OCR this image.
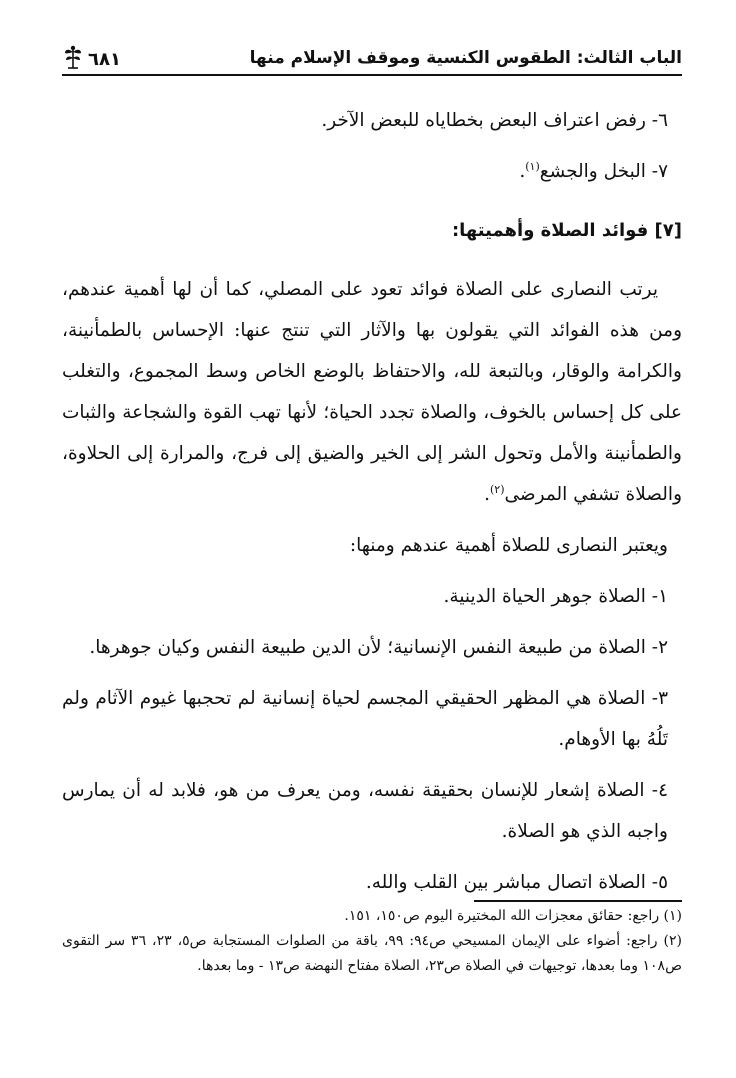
الباب الثالث: الطقوس الكنسية وموقف الإسلام منها
٦٨١

٦- رفض اعتراف البعض بخطاياه للبعض الآخر.

٧- البخل والجشع$^{(١)}$.

[٧] فوائد الصلاة وأهميتها:

يرتب النصارى على الصلاة فوائد تعود على المصلي، كما أن لها أهمية عندهم، ومن هذه الفوائد التي يقولون بها والآثار التي تنتج عنها: الإحساس بالطمأنينة، والكرامة والوقار، وبالتبعة لله، والاحتفاظ بالوضع الخاص وسط المجموع، والتغلب على كل إحساس بالخوف، والصلاة تجدد الحياة؛ لأنها تهب القوة والشجاعة والثبات والطمأنينة والأمل وتحول الشر إلى الخير والضيق إلى فرج، والمرارة إلى الحلاوة، والصلاة تشفي المرضى$^{(٢)}$.

ويعتبر النصارى للصلاة أهمية عندهم ومنها:

١- الصلاة جوهر الحياة الدينية.

٢- الصلاة من طبيعة النفس الإنسانية؛ لأن الدين طبيعة النفس وكيان جوهرها.

٣- الصلاة هي المظهر الحقيقي المجسم لحياة إنسانية لم تحجبها غيوم الآثام ولم تَلُهُ بها الأوهام.

٤- الصلاة إشعار للإنسان بحقيقة نفسه، ومن يعرف من هو، فلابد له أن يمارس واجبه الذي هو الصلاة.

٥- الصلاة اتصال مباشر بين القلب والله.

(١) راجع: حقائق معجزات الله المختيرة اليوم ص١٥٠، ١٥١.

(٢) راجع: أضواء على الإيمان المسيحي ص٩٤: ٩٩، باقة من الصلوات المستجابة ص٥، ٢٣، ٣٦ سر التقوى ص١٠٨ وما بعدها، توجيهات في الصلاة ص٢٣، الصلاة مفتاح النهضة ص١٣ - وما بعدها.
